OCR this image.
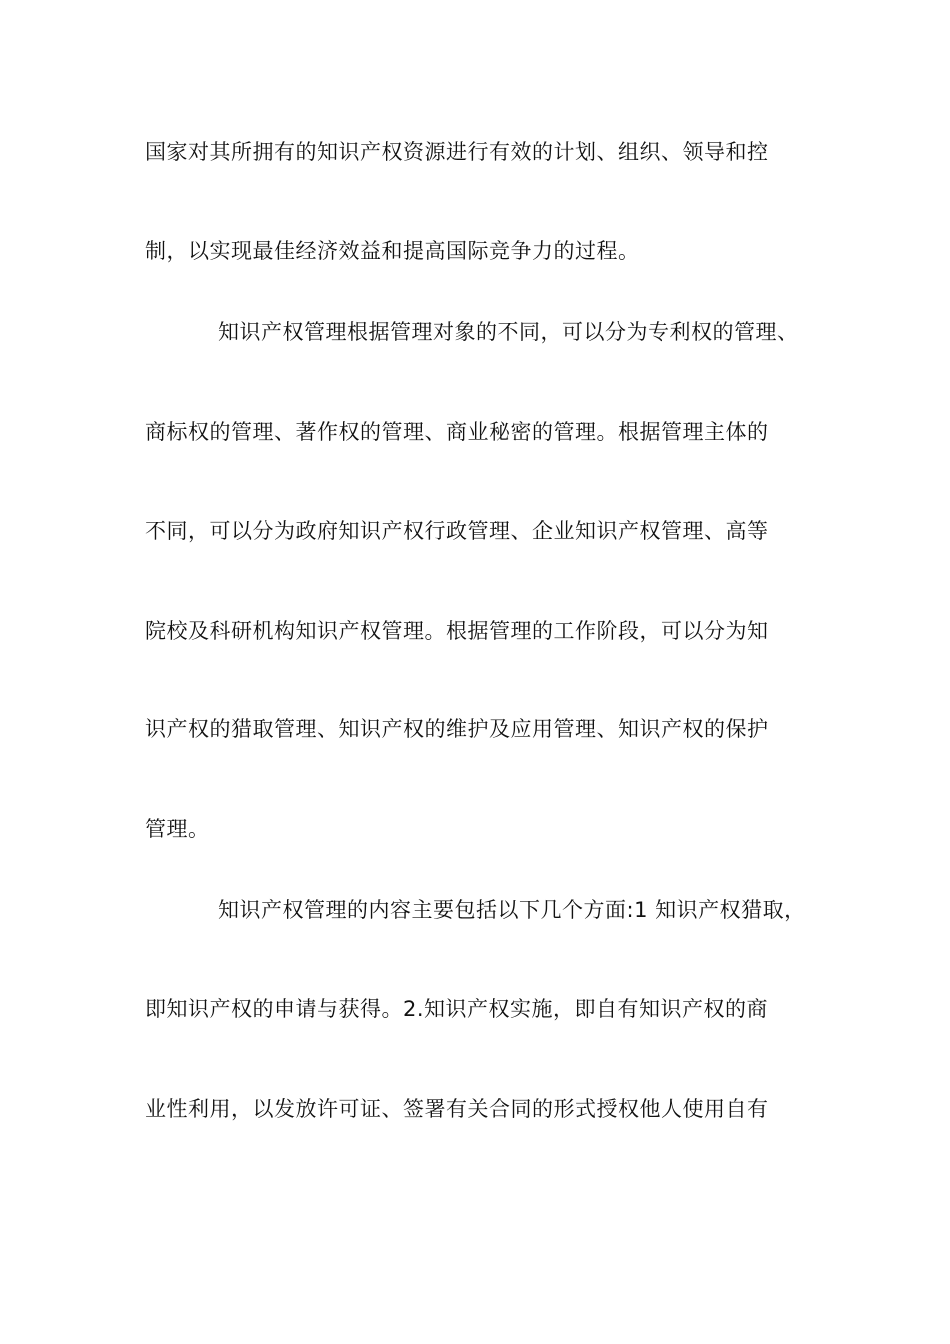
国家对其所拥有的知识产权资源进行有效的计划、组织、领导和控
制，以实现最佳经济效益和提高国际竞争力的过程。
知识产权管理根据管理对象的不同，可以分为专利权的管理、
商标权的管理、著作权的管理、商业秘密的管理。根据管理主体的
不同，可以分为政府知识产权行政管理、企业知识产权管理、高等
院校及科研机构知识产权管理。根据管理的工作阶段，可以分为知
识产权的猎取管理、知识产权的维护及应用管理、知识产权的保护
管理。
知识产权管理的内容主要包括以下几个方面:1 知识产权猎取，
即知识产权的申请与获得。2.知识产权实施，即自有知识产权的商
业性利用，以发放许可证、签署有关合同的形式授权他人使用自有
